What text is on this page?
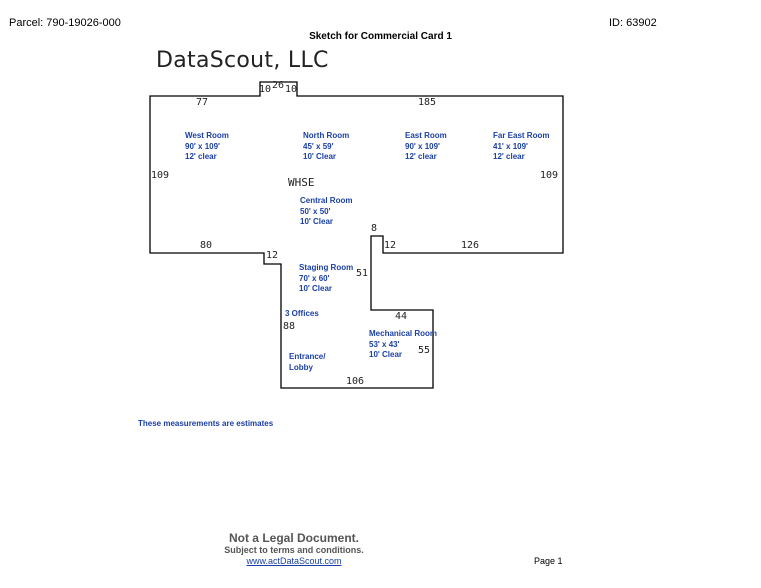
Parcel: 790-19026-000	ID: 63902
Sketch for Commercial Card 1
DataScout, LLC
10 26 10
77	185
109	109
80
12
8
12	126
51
44
88
55
106
WHSE
West Room
90' x 109'
12' clear
North Room
45' x 59'
10' Clear
East Room
90' x 109'
12' clear
Far East Room
41' x 109'
12' clear
Central Room
50' x 50'
10' Clear
Staging Room
70' x 60'
10' Clear
3 Offices
Mechanical Room
53' x 43'
10' Clear
Entrance/
Lobby
These measurements are estimates
Not a Legal Document.
Subject to terms and conditions.
www.actDataScout.com	Page 1
